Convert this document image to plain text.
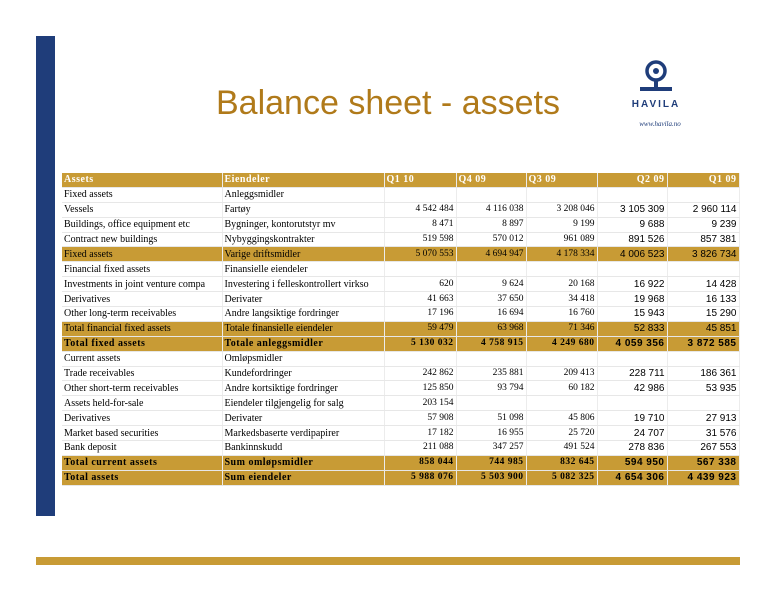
Balance sheet - assets	HAVILA
www.havila.no
Assets	Eiendeler	Q1 10	Q4 09	Q3 09	Q2 09	Q1 09
Fixed assets	Anleggsmidler					
Vessels	Fartøy	4 542 484	4 116 038	3 208 046	3 105 309	2 960 114
Buildings, office equipment etc	Bygninger, kontorutstyr mv	8 471	8 897	9 199	9 688	9 239
Contract new buildings	Nybyggingskontrakter	519 598	570 012	961 089	891 526	857 381
Fixed assets	Varige driftsmidler	5 070 553	4 694 947	4 178 334	4 006 523	3 826 734
Financial fixed assets	Finansielle eiendeler					
Investments in joint venture compa	Investering i felleskontrollert virkso	620	9 624	20 168	16 922	14 428
Derivatives	Derivater	41 663	37 650	34 418	19 968	16 133
Other long-term receivables	Andre langsiktige fordringer	17 196	16 694	16 760	15 943	15 290
Total financial fixed assets	Totale finansielle eiendeler	59 479	63 968	71 346	52 833	45 851
Total fixed assets	Totale anleggsmidler	5 130 032	4 758 915	4 249 680	4 059 356	3 872 585
Current assets	Omløpsmidler					
Trade receivables	Kundefordringer	242 862	235 881	209 413	228 711	186 361
Other short-term receivables	Andre kortsiktige fordringer	125 850	93 794	60 182	42 986	53 935
Assets held-for-sale	Eiendeler tilgjengelig for salg	203 154				
Derivatives	Derivater	57 908	51 098	45 806	19 710	27 913
Market based securities	Markedsbaserte verdipapirer	17 182	16 955	25 720	24 707	31 576
Bank deposit	Bankinnskudd	211 088	347 257	491 524	278 836	267 553
Total current assets	Sum omløpsmidler	858 044	744 985	832 645	594 950	567 338
Total assets	Sum eiendeler	5 988 076	5 503 900	5 082 325	4 654 306	4 439 923
